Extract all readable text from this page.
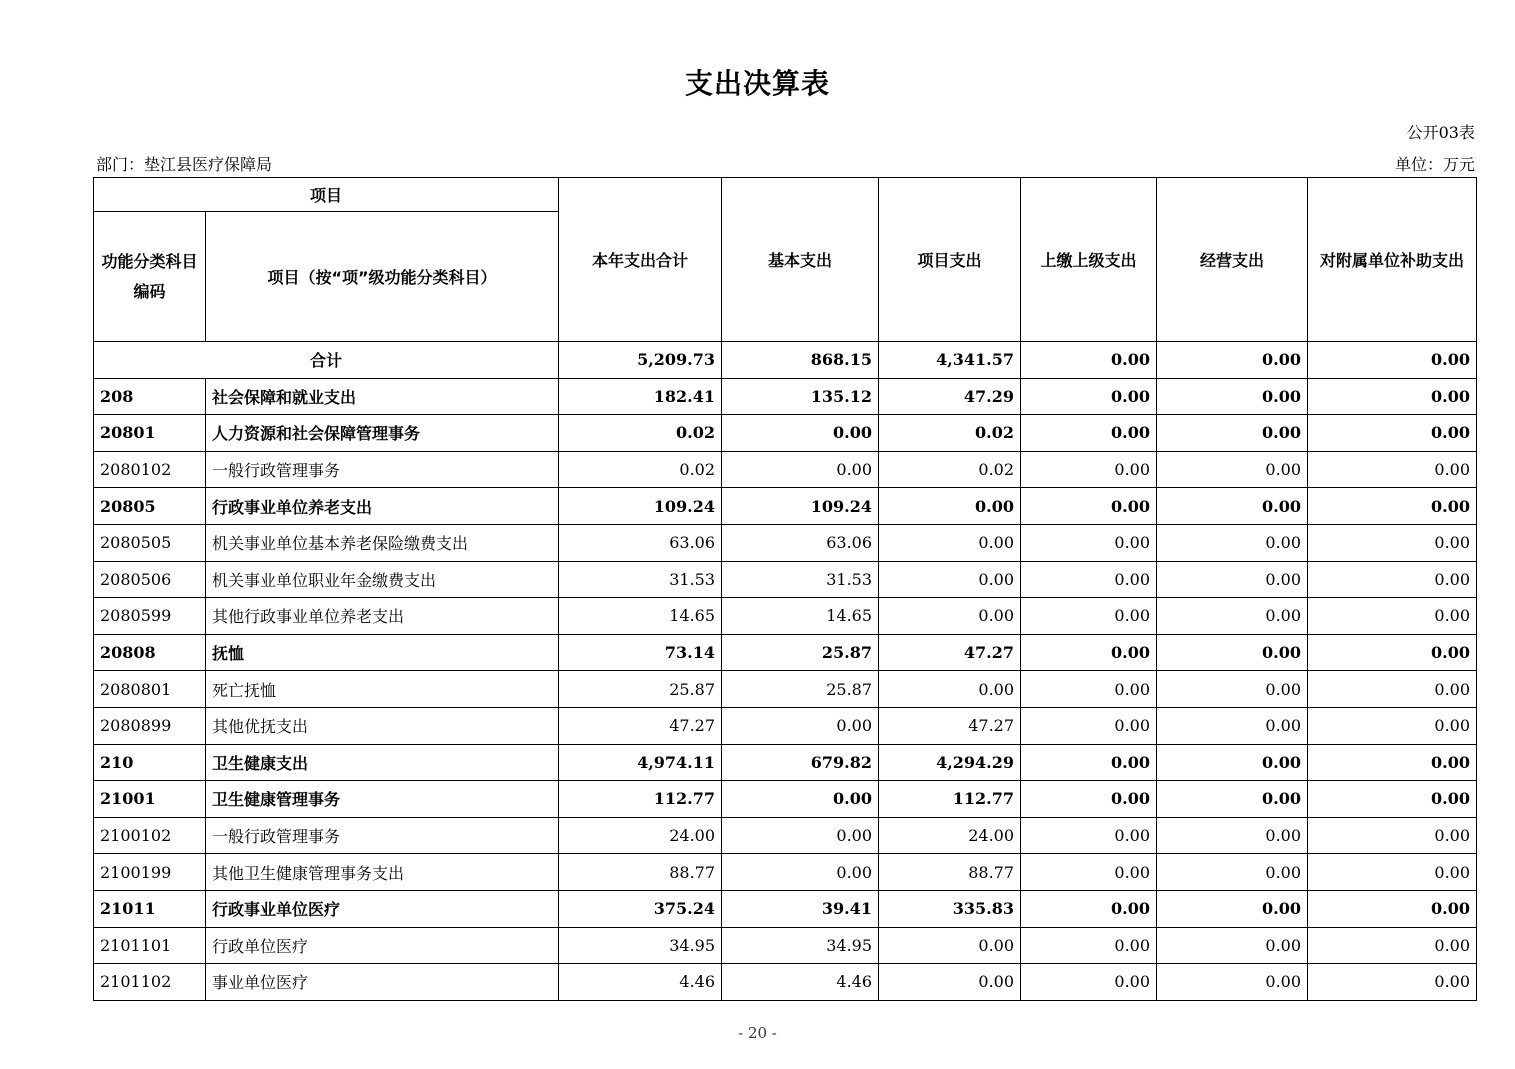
支出决算表
公开03表
部门：垫江县医疗保障局	单位：万元
项目		本年支出合计	基本支出	项目支出	上缴上级支出	经营支出	对附属单位补助支出
功能分类科目编码	项目（按“项”级功能分类科目）						
合计		5,209.73	868.15	4,341.57	0.00	0.00	0.00
208	社会保障和就业支出	182.41	135.12	47.29	0.00	0.00	0.00
20801	人力资源和社会保障管理事务	0.02	0.00	0.02	0.00	0.00	0.00
2080102	一般行政管理事务	0.02	0.00	0.02	0.00	0.00	0.00
20805	行政事业单位养老支出	109.24	109.24	0.00	0.00	0.00	0.00
2080505	机关事业单位基本养老保险缴费支出	63.06	63.06	0.00	0.00	0.00	0.00
2080506	机关事业单位职业年金缴费支出	31.53	31.53	0.00	0.00	0.00	0.00
2080599	其他行政事业单位养老支出	14.65	14.65	0.00	0.00	0.00	0.00
20808	抚恤	73.14	25.87	47.27	0.00	0.00	0.00
2080801	死亡抚恤	25.87	25.87	0.00	0.00	0.00	0.00
2080899	其他优抚支出	47.27	0.00	47.27	0.00	0.00	0.00
210	卫生健康支出	4,974.11	679.82	4,294.29	0.00	0.00	0.00
21001	卫生健康管理事务	112.77	0.00	112.77	0.00	0.00	0.00
2100102	一般行政管理事务	24.00	0.00	24.00	0.00	0.00	0.00
2100199	其他卫生健康管理事务支出	88.77	0.00	88.77	0.00	0.00	0.00
21011	行政事业单位医疗	375.24	39.41	335.83	0.00	0.00	0.00
2101101	行政单位医疗	34.95	34.95	0.00	0.00	0.00	0.00
2101102	事业单位医疗	4.46	4.46	0.00	0.00	0.00	0.00
- 20 -
